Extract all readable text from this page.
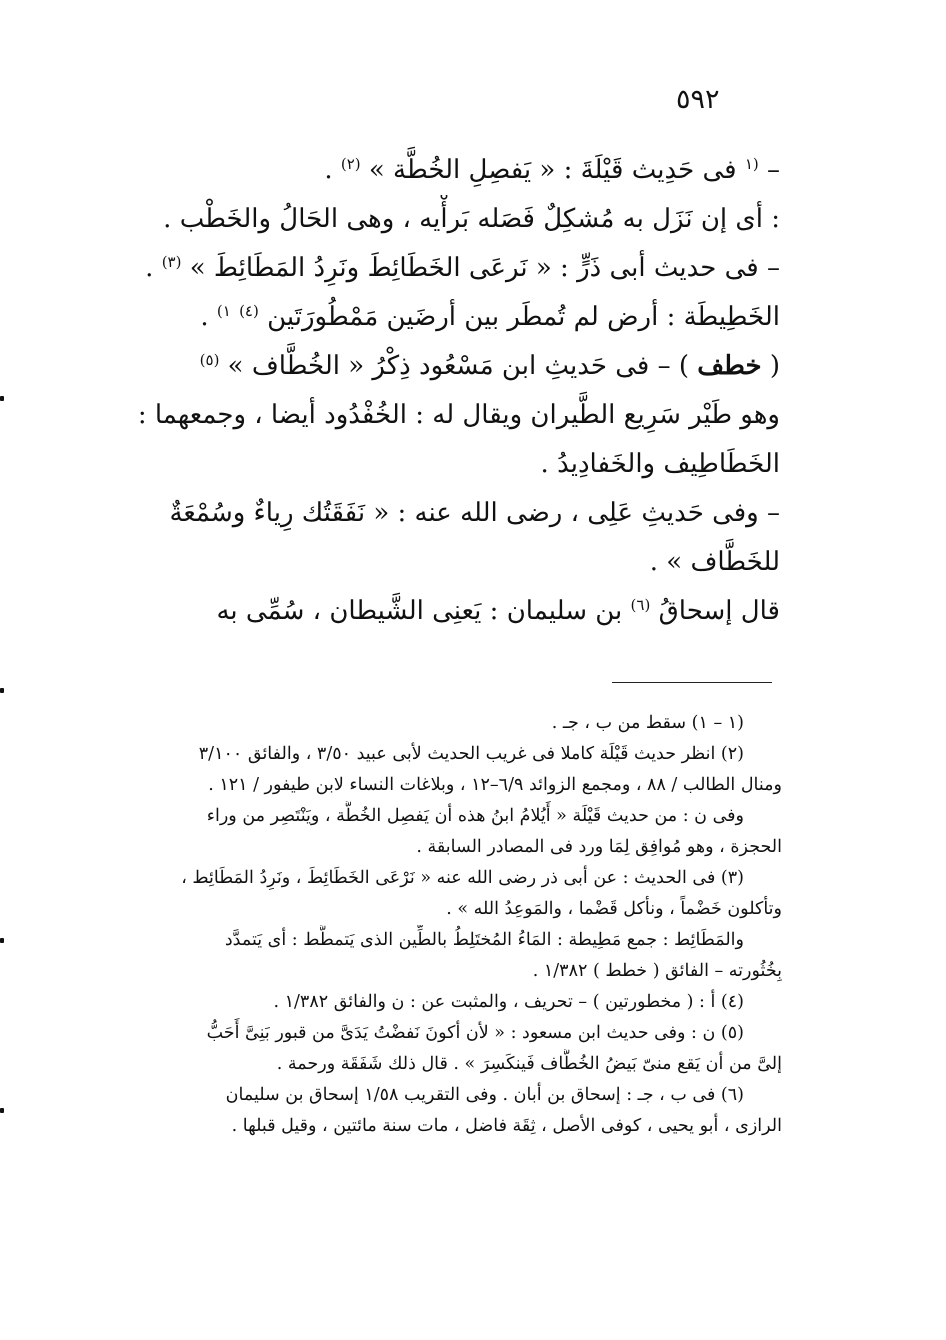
٥٩٢

– $^{(١}$ فى حَدِيث قَيْلَةَ : « يَفصِلِ الخُطَّة » $^{(٢)}$ .

: أى إن نَزَل به مُشكِلٌ فَصَله بَرأْيه ، وهى الحَالُ والخَطْب .

– فى حديث أبى ذَرٍّ : « نَرعَى الخَطَائِطَ ونَرِدُ المَطَائِطَ » $^{(٣)}$ .

الخَطِيطَة : أرض لم تُمطَر بين أرضَين مَمْطُورَتَين $^{(٤)}$ $^{١)}$ .

( خطف ) – فى حَديثِ ابن مَسْعُود ذِكْرُ « الخُطَّاف » $^{(٥)}$

وهو طَيْر سَرِيع الطَّيران ويقال له : الخُفْدُود أيضا ، وجمعهما :

الخَطَاطِيف والخَفادِيدُ .

– وفى حَديثِ عَلِى ، رضى الله عنه : « نَفَقَتُك رِياءٌ وسُمْعَةٌ

للخَطَّاف » .

قال إسحاقُ $^{(٦)}$ بن سليمان : يَعنِى الشَّيطان ، سُمِّى به

(١ – ١) سقط من ب ، جـ .

(٢) انظر حديث قَيْلَة كاملا فى غريب الحديث لأبى عبيد ٣/٥٠ ، والفائق ٣/١٠٠

ومنال الطالب / ٨٨ ، ومجمع الزوائد ٦/٩–١٢ ، وبلاغات النساء لابن طيفور / ١٢١ .

وفى ن : من حديث قَيْلَة « أَيُلامُ ابنُ هذه أن يَفصِل الخُطَّة ، ويَنْتَصِر من وراء

الحجزة ، وهو مُوافِق لِمَا ورد فى المصادر السابقة .

(٣) فى الحديث : عن أبى ذر رضى الله عنه « نَرْعَى الخَطَائِطَ ، ونَرِدُ المَطَائِط ،

وتأكلون خَضْماً ، ونأكل قَضْما ، والمَوعِدُ الله » .

والمَطَائِط : جمع مَطِيطة : المَاءُ المُختَلِطُ بالطِّين الذى يَتمطَّط : أى يَتمدَّد

بِخُثُورته – الفائق ( خطط ) ١/٣٨٢ .

(٤) أ : ( مخطورتين ) – تحريف ، والمثبت عن : ن والفائق ١/٣٨٢ .

(٥) ن : وفى حديث ابن مسعود : « لأن أكونَ نَفضْتُ يَدَىَّ من قبور بَنِىَّ أَحَبُّ

إلىَّ من أن يَقع منىّ بَيضُ الخُطَّاف فَينكَسِرَ » . قال ذلك شَفَقَة ورحمة .

(٦) فى ب ، جـ : إسحاق بن أبان . وفى التقريب ١/٥٨ إسحاق بن سليمان

الرازى ، أبو يحيى ، كوفى الأصل ، ثِقَة فاضل ، مات سنة مائتين ، وقيل قبلها .
